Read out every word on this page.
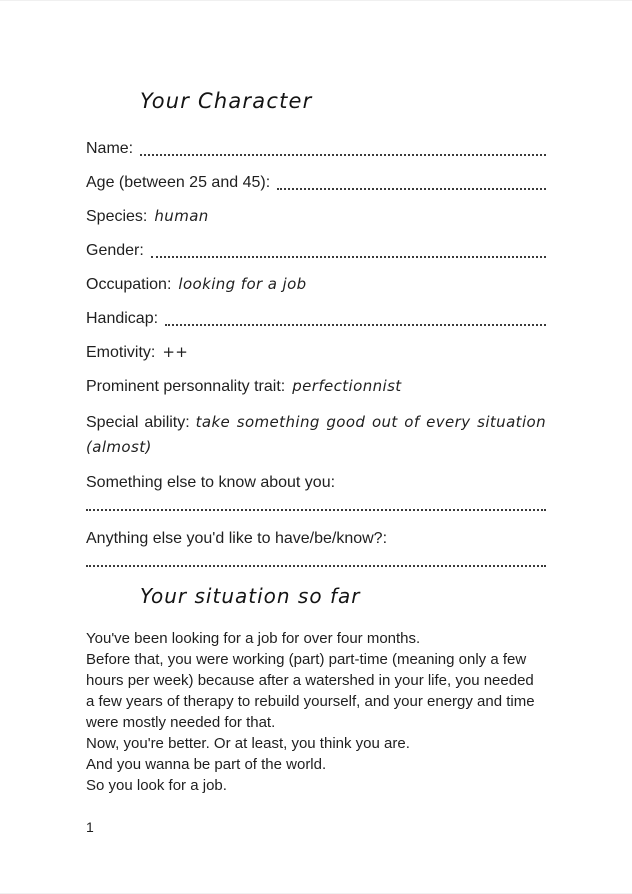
Your Character
Name:
Age (between 25 and 45):
Species: human
Gender:
Occupation: looking for a job
Handicap:
Emotivity: ++
Prominent personnality trait: perfectionnist
Special ability: take something good out of every situation
(almost)
Something else to know about you:
Anything else you'd like to have/be/know?:
Your situation so far
You've been looking for a job for over four months.
Before that, you were working (part) part-time (meaning only a few
hours per week) because after a watershed in your life, you needed
a few years of therapy to rebuild yourself, and your energy and time
were mostly needed for that.
Now, you're better. Or at least, you think you are.
And you wanna be part of the world.
So you look for a job.
1
